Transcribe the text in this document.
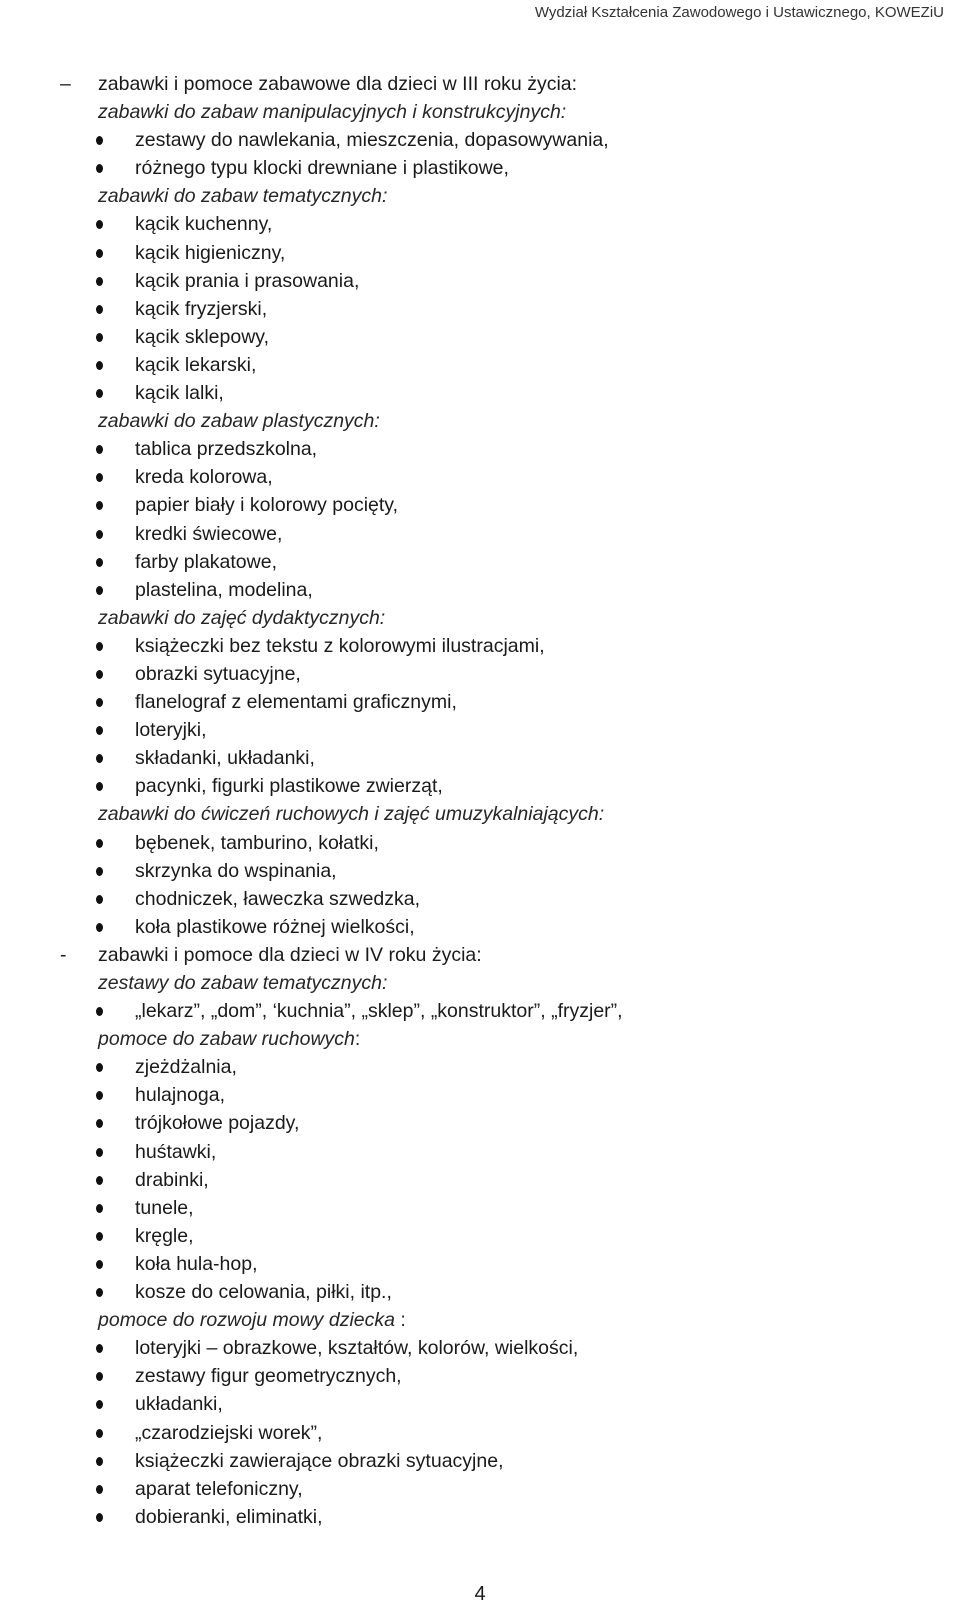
Wydział Kształcenia Zawodowego i Ustawicznego, KOWEZiU
– zabawki i pomoce zabawowe dla dzieci w III roku życia:
zabawki do zabaw manipulacyjnych i konstrukcyjnych:
zestawy do nawlekania, mieszczenia, dopasowywania,
różnego typu klocki drewniane i plastikowe,
zabawki do zabaw tematycznych:
kącik kuchenny,
kącik higieniczny,
kącik prania i prasowania,
kącik fryzjerski,
kącik sklepowy,
kącik lekarski,
kącik lalki,
zabawki do zabaw plastycznych:
tablica przedszkolna,
kreda kolorowa,
papier biały i kolorowy pocięty,
kredki świecowe,
farby plakatowe,
plastelina, modelina,
zabawki do zajęć dydaktycznych:
książeczki bez tekstu z kolorowymi ilustracjami,
obrazki sytuacyjne,
flanelograf z elementami graficznymi,
loteryjki,
składanki, układanki,
pacynki, figurki plastikowe zwierząt,
zabawki do ćwiczeń ruchowych i zajęć umuzykalniających:
bębenek, tamburino, kołatki,
skrzynka do wspinania,
chodniczek, ławeczka szwedzka,
koła plastikowe różnej wielkości,
- zabawki i pomoce dla dzieci w IV roku życia:
zestawy do zabaw tematycznych:
„lekarz”, „dom”, ‘kuchnia”, „sklep”, „konstruktor”, „fryzjer”,
pomoce do zabaw ruchowych:
zjeżdżalnia,
hulajnoga,
trójkołowe pojazdy,
huśtawki,
drabinki,
tunele,
kręgle,
koła hula-hop,
kosze do celowania, piłki, itp.,
pomoce do rozwoju mowy dziecka :
loteryjki – obrazkowe, kształtów, kolorów, wielkości,
zestawy figur geometrycznych,
układanki,
„czarodziejski worek”,
książeczki zawierające obrazki sytuacyjne,
aparat telefoniczny,
dobieranki, eliminatki,
4
